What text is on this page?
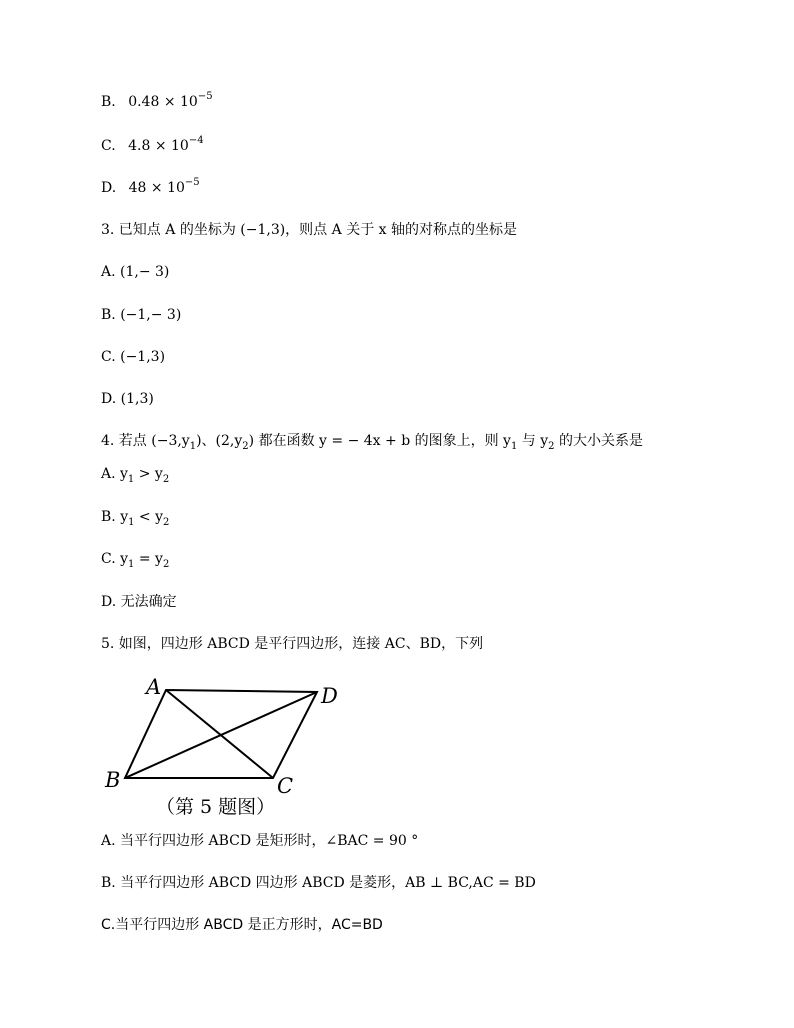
B. $0.48 \times 10^{-5}$
C. $4.8 \times 10^{-4}$
D. $48 \times 10^{-5}$
3. 已知点 A 的坐标为 (−1,3)，则点 A 关于 x 轴的对称点的坐标是
A. (1,− 3)
B. (−1,− 3)
C. (−1,3)
D. (1,3)
4. 若点 $(-3,y_1)$、$(2,y_2)$ 都在函数 y = − 4x + b 的图象上，则 $y_1$ 与 $y_2$ 的大小关系是
A. $y_1 > y_2$
B. $y_1 < y_2$
C. $y_1 = y_2$
D. 无法确定
5. 如图，四边形 ABCD 是平行四边形，连接 AC、BD，下列
A	D
B	C
（第 5 题图）
A. 当平行四边形 ABCD 是矩形时，∠BAC = 90 °
B. 当平行四边形 ABCD 四边形 ABCD 是菱形，AB ⊥ BC,AC = BD
C.当平行四边形 ABCD 是正方形时，AC=BD
